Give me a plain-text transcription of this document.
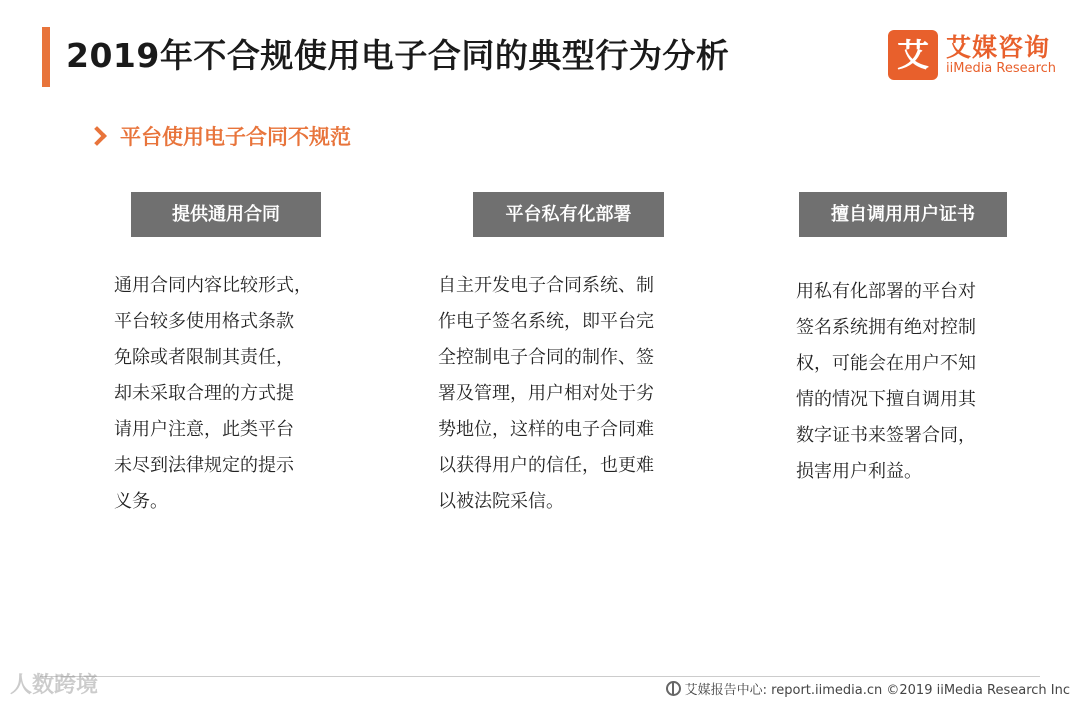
2019年不合规使用电子合同的典型行为分析	艾 艾媒咨询
iiMedia Research
平台使用电子合同不规范
提供通用合同
通用合同内容比较形式，
平台较多使用格式条款
免除或者限制其责任，
却未采取合理的方式提
请用户注意，此类平台
未尽到法律规定的提示
义务。
平台私有化部署
自主开发电子合同系统、制
作电子签名系统，即平台完
全控制电子合同的制作、签
署及管理，用户相对处于劣
势地位，这样的电子合同难
以获得用户的信任，也更难
以被法院采信。
擅自调用用户证书
用私有化部署的平台对
签名系统拥有绝对控制
权，可能会在用户不知
情的情况下擅自调用其
数字证书来签署合同，
损害用户利益。
人数跨境	艾媒报告中心: report.iimedia.cn ©2019 iiMedia Research Inc
